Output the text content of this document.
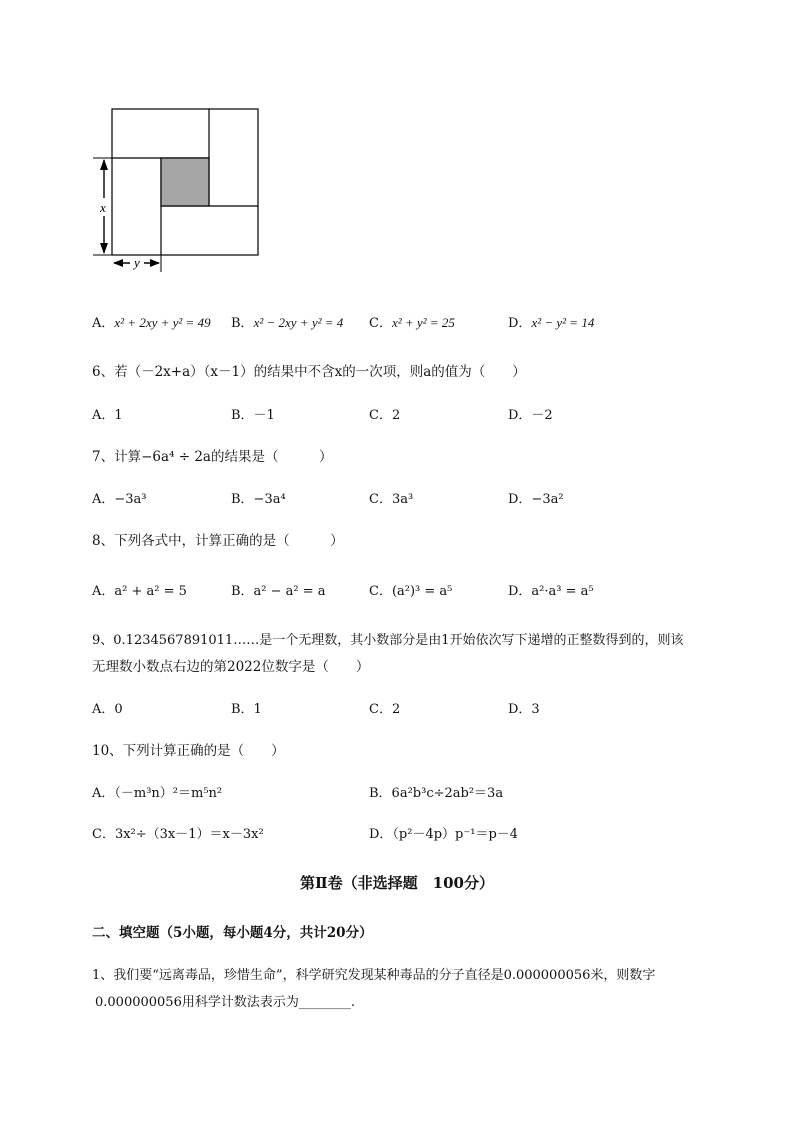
x
y
A．x² + 2xy + y² = 49 B．x² − 2xy + y² = 4 C．x² + y² = 25	D．x² − y² = 14
6、若（－2x+a）（x－1）的结果中不含x的一次项，则a的值为（　　）
A．1	B．－1	C．2	D．－2
7、计算−6a⁴ ÷ 2a的结果是（　　　）
A．−3a³	B．−3a⁴	C．3a³	D．−3a²
8、下列各式中，计算正确的是（　　　）
A．a² + a² = 5	B．a² − a² = a	C．(a²)³ = a⁵	D．a²·a³ = a⁵
9、0.1234567891011……是一个无理数，其小数部分是由1开始依次写下递增的正整数得到的，则该
无理数小数点右边的第2022位数字是（　　）
A．0	B．1	C．2	D．3
10、下列计算正确的是（　　）
A．（－m³n）²＝m⁵n²	B．6a²b³c÷2ab²＝3a
C．3x²÷（3x－1）＝x－3x²	D．（p²－4p）p⁻¹＝p－4
第Ⅱ卷（非选择题　100分）
二、填空题（5小题，每小题4分，共计20分）
1、我们要“远离毒品，珍惜生命”，科学研究发现某种毒品的分子直径是0.000000056米，则数字
0.000000056用科学计数法表示为________.
